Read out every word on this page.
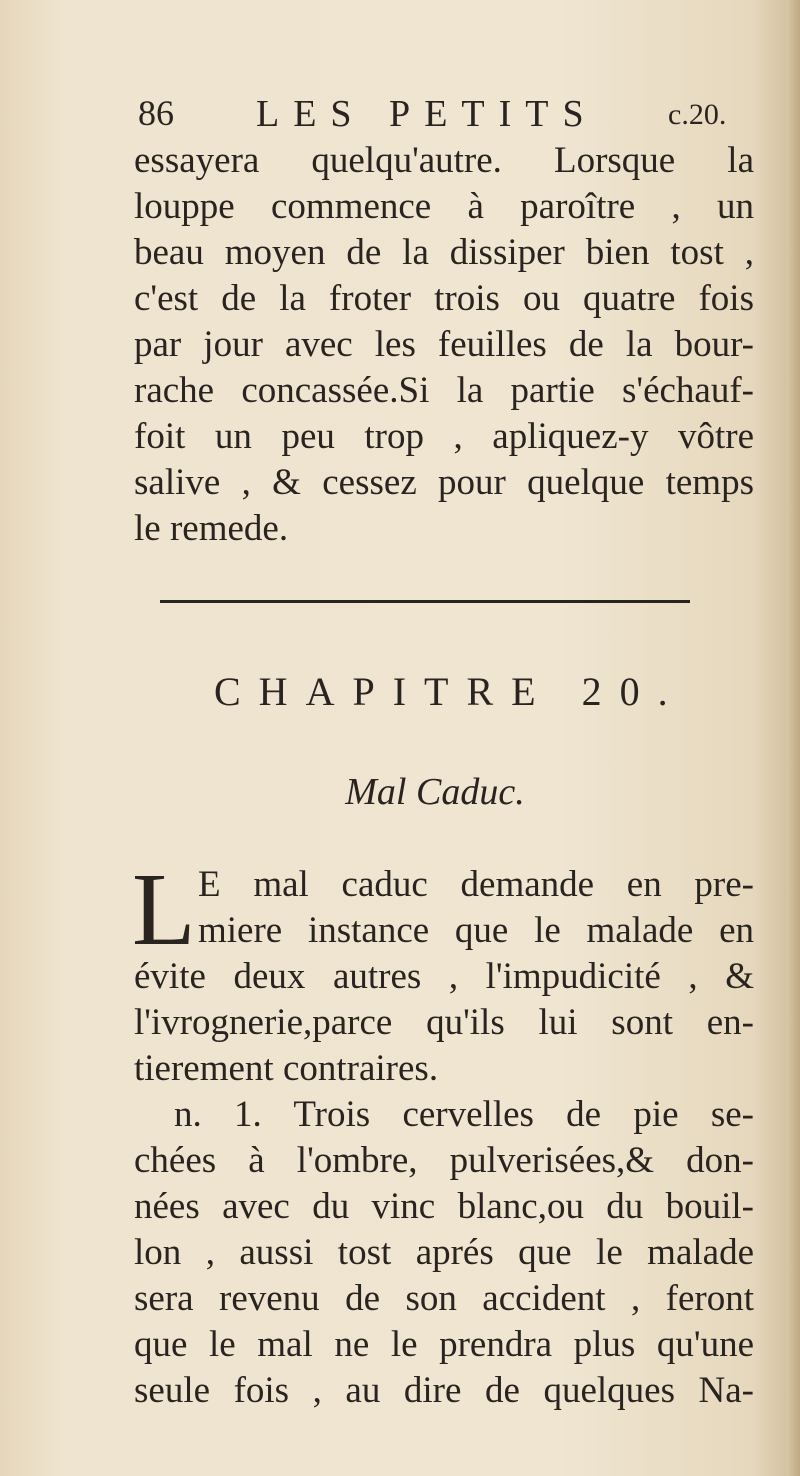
86 LES PETITS c.20.
essayera quelqu'autre. Lorsque la
louppe commence à paroître , un
beau moyen de la dissiper bien tost ,
c'est de la froter trois ou quatre fois
par jour avec les feuilles de la bour-
rache concassée.Si la partie s'échauf-
foit un peu trop , apliquez-y vôtre
salive , & cessez pour quelque temps
le remede.
CHAPITRE 20.
Mal Caduc.
L E mal caduc demande en pre-
miere instance que le malade en
évite deux autres , l'impudicité , &
l'ivrognerie,parce qu'ils lui sont en-
tierement contraires.
n. 1. Trois cervelles de pie se-
chées à l'ombre, pulverisées,& don-
nées avec du vinc blanc,ou du bouil-
lon , aussi tost aprés que le malade
sera revenu de son accident , feront
que le mal ne le prendra plus qu'une
seule fois , au dire de quelques Na-
